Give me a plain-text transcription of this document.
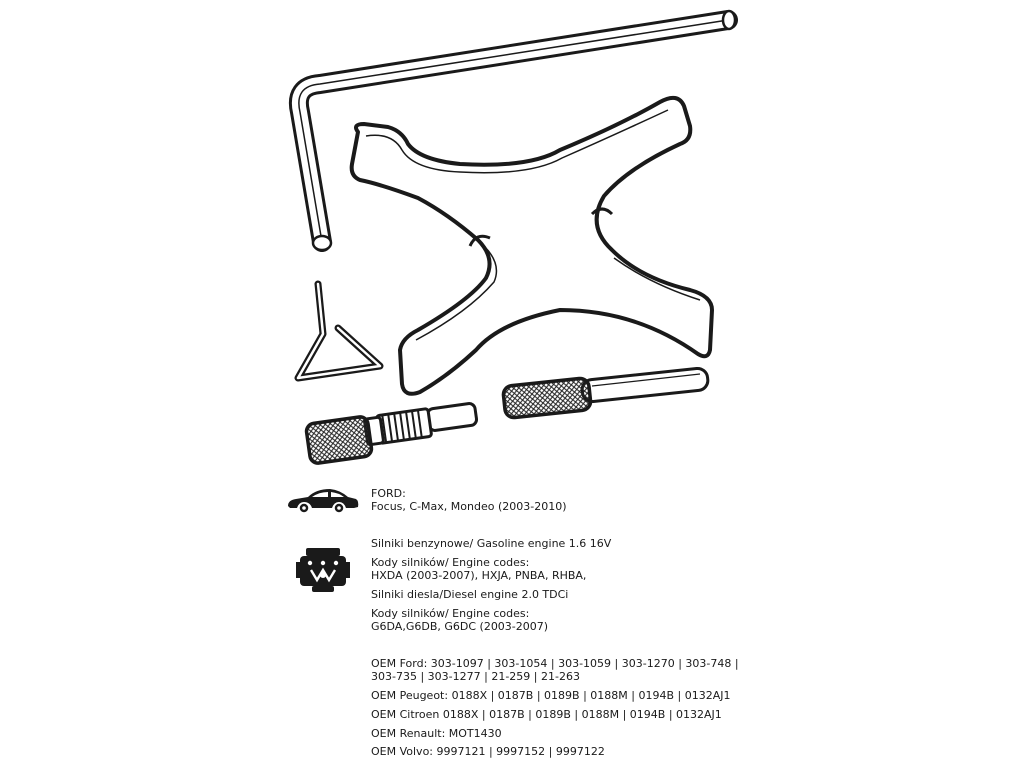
FORD:
Focus, C-Max, Mondeo (2003-2010)
Silniki benzynowe/ Gasoline engine 1.6 16V
Kody silników/ Engine codes:
HXDA (2003-2007), HXJA, PNBA, RHBA,
Silniki diesla/Diesel engine 2.0 TDCi
Kody silników/ Engine codes:
G6DA,G6DB, G6DC (2003-2007)
OEM Ford: 303-1097 | 303-1054 | 303-1059 | 303-1270 | 303-748 |
303-735 | 303-1277 | 21-259 | 21-263
OEM Peugeot: 0188X | 0187B | 0189B | 0188M | 0194B | 0132AJ1
OEM Citroen 0188X | 0187B | 0189B | 0188M | 0194B | 0132AJ1
OEM Renault: MOT1430
OEM Volvo: 9997121 | 9997152 | 9997122
